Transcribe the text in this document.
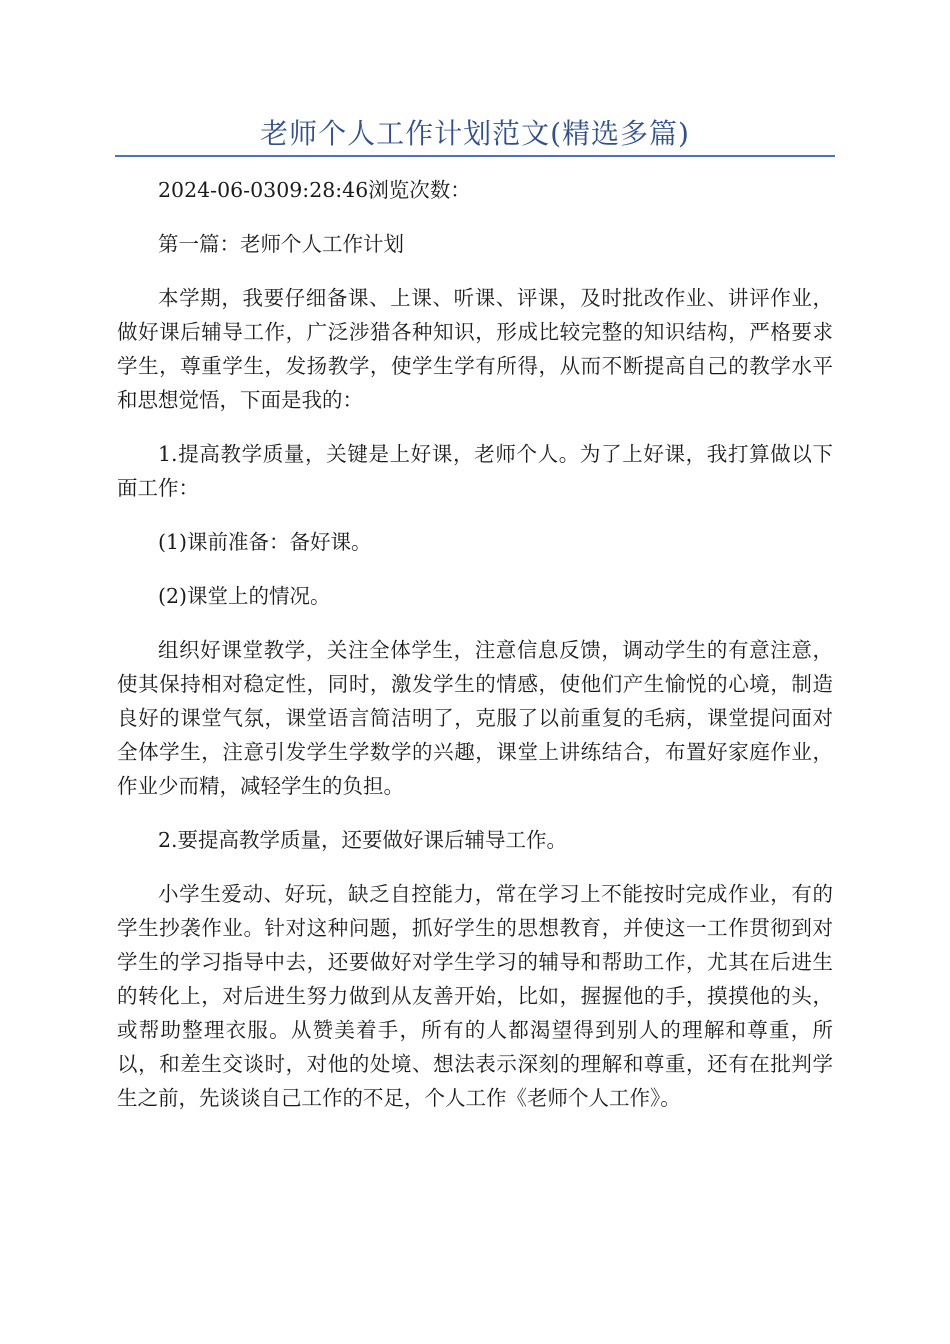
老师个人工作计划范文(精选多篇)

2024-06-0309:28:46浏览次数：

第一篇：老师个人工作计划

本学期，我要仔细备课、上课、听课、评课，及时批改作业、讲评作业，做好课后辅导工作，广泛涉猎各种知识，形成比较完整的知识结构，严格要求学生，尊重学生，发扬教学，使学生学有所得，从而不断提高自己的教学水平和思想觉悟，下面是我的：

1.提高教学质量，关键是上好课，老师个人。为了上好课，我打算做以下面工作：

(1)课前准备：备好课。

(2)课堂上的情况。

组织好课堂教学，关注全体学生，注意信息反馈，调动学生的有意注意，使其保持相对稳定性，同时，激发学生的情感，使他们产生愉悦的心境，制造良好的课堂气氛，课堂语言简洁明了，克服了以前重复的毛病，课堂提问面对全体学生，注意引发学生学数学的兴趣，课堂上讲练结合，布置好家庭作业，作业少而精，减轻学生的负担。

2.要提高教学质量，还要做好课后辅导工作。

小学生爱动、好玩，缺乏自控能力，常在学习上不能按时完成作业，有的学生抄袭作业。针对这种问题，抓好学生的思想教育，并使这一工作贯彻到对学生的学习指导中去，还要做好对学生学习的辅导和帮助工作，尤其在后进生的转化上，对后进生努力做到从友善开始，比如，握握他的手，摸摸他的头，或帮助整理衣服。从赞美着手，所有的人都渴望得到别人的理解和尊重，所以，和差生交谈时，对他的处境、想法表示深刻的理解和尊重，还有在批判学生之前，先谈谈自己工作的不足，个人工作《老师个人工作》。
